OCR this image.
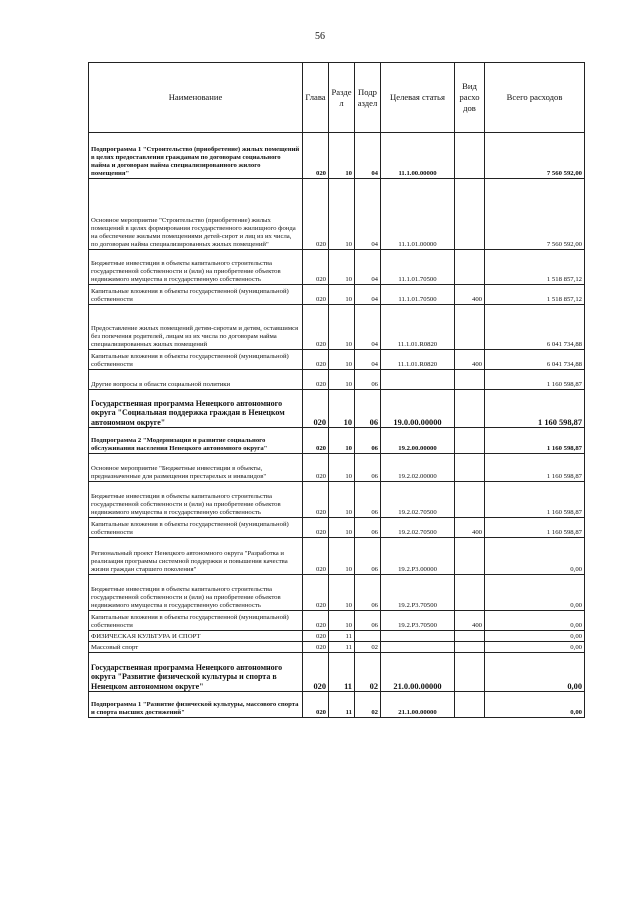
56
Наименование	Глава	Разде л	Подр аздел	Целевая статья	Вид расхо дов	Всего расходов
Подпрограмма 1 "Строительство (приобретение) жилых помещений в целях предоставления гражданам по договорам социального найма и договорам найма специализированного жилого помещения"	020	10	04	11.1.00.00000		7 560 592,00
Основное мероприятие "Строительство (приобретение) жилых помещений в целях формирования государственного жилищного фонда на обеспечение жилыми помещениями детей-сирот и лиц из их числа, по договорам найма специализированных жилых помещений"	020	10	04	11.1.01.00000		7 560 592,00
Бюджетные инвестиции в объекты капитального строительства государственной собственности и (или) на приобретение объектов недвижимого имущества в государственную собственность	020	10	04	11.1.01.70500		1 518 857,12
Капитальные вложения в объекты государственной (муниципальной) собственности	020	10	04	11.1.01.70500	400	1 518 857,12
Предоставление жилых помещений детям-сиротам и детям, оставшимся без попечения родителей, лицам из их числа по договорам найма специализированных жилых помещений	020	10	04	11.1.01.R0820		6 041 734,88
Капитальные вложения в объекты государственной (муниципальной) собственности	020	10	04	11.1.01.R0820	400	6 041 734,88
Другие вопросы в области социальной политики	020	10	06			1 160 598,87
Государственная программа Ненецкого автономного округа "Социальная поддержка граждан в Ненецком автономном округе"	020	10	06	19.0.00.00000		1 160 598,87
Подпрограмма 2 "Модернизация и развитие социального обслуживания населения Ненецкого автономного округа"	020	10	06	19.2.00.00000		1 160 598,87
Основное мероприятие "Бюджетные инвестиции в объекты, предназначенные для размещения престарелых и инвалидов"	020	10	06	19.2.02.00000		1 160 598,87
Бюджетные инвестиции в объекты капитального строительства государственной собственности и (или) на приобретение объектов недвижимого имущества в государственную собственность	020	10	06	19.2.02.70500		1 160 598,87
Капитальные вложения в объекты государственной (муниципальной) собственности	020	10	06	19.2.02.70500	400	1 160 598,87
Региональный проект Ненецкого автономного округа "Разработка и реализация программы системной поддержки и повышения качества жизни граждан старшего поколения"	020	10	06	19.2.P3.00000		0,00
Бюджетные инвестиции в объекты капитального строительства государственной собственности и (или) на приобретение объектов недвижимого имущества в государственную собственность	020	10	06	19.2.P3.70500		0,00
Капитальные вложения в объекты государственной (муниципальной) собственности	020	10	06	19.2.P3.70500	400	0,00
ФИЗИЧЕСКАЯ КУЛЬТУРА И СПОРТ	020	11				0,00
Массовый спорт	020	11	02			0,00
Государственная программа Ненецкого автономного округа "Развитие физической культуры и спорта в Ненецком автономном округе"	020	11	02	21.0.00.00000		0,00
Подпрограмма 1 "Развитие физической культуры, массового спорта и спорта высших достижений"	020	11	02	21.1.00.00000		0,00
